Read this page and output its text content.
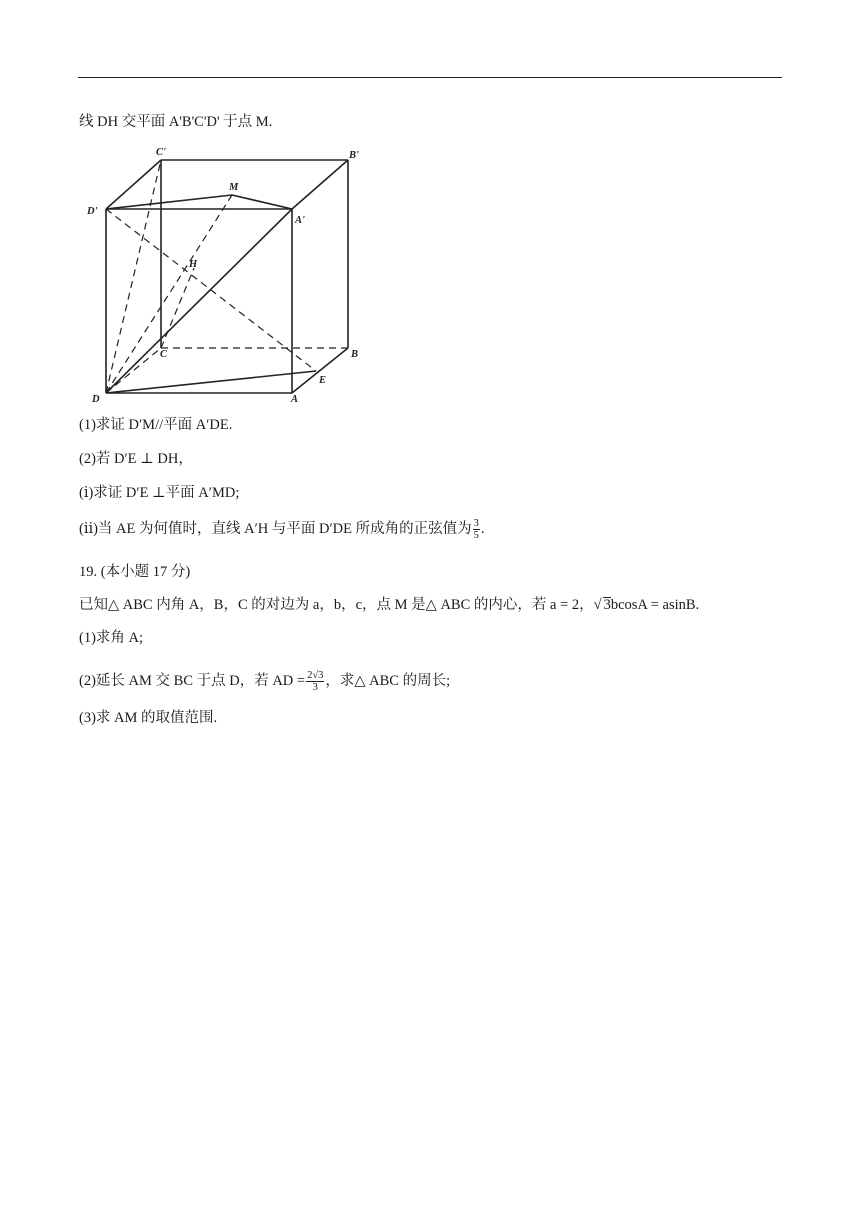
线 DH 交平面 A'B'C'D' 于点 M.
C'	B'
M
D'
A'
H
C	B
E
D	A
(1)求证 D′M//平面 A′DE.
(2)若 D′E ⊥ DH，
(ⅰ)求证 D′E ⊥平面 A′MD;
(ⅱ)当 AE 为何值时，直线 A′H 与平面 D′DE 所成角的正弦值为 $\frac{3}{5}$ .
19. (本小题 17 分)
已知△ ABC 内角 A，B，C 的对边为 a，b，c，点 M 是△ ABC 的内心，若 a = 2，√ 3bcosA = asinB.
(1)求角 A;
(2)延长 AM 交 BC 于点 D，若 AD = $\frac{2√3}{3}$ ，求△ ABC 的周长;
(3)求 AM 的取值范围.
